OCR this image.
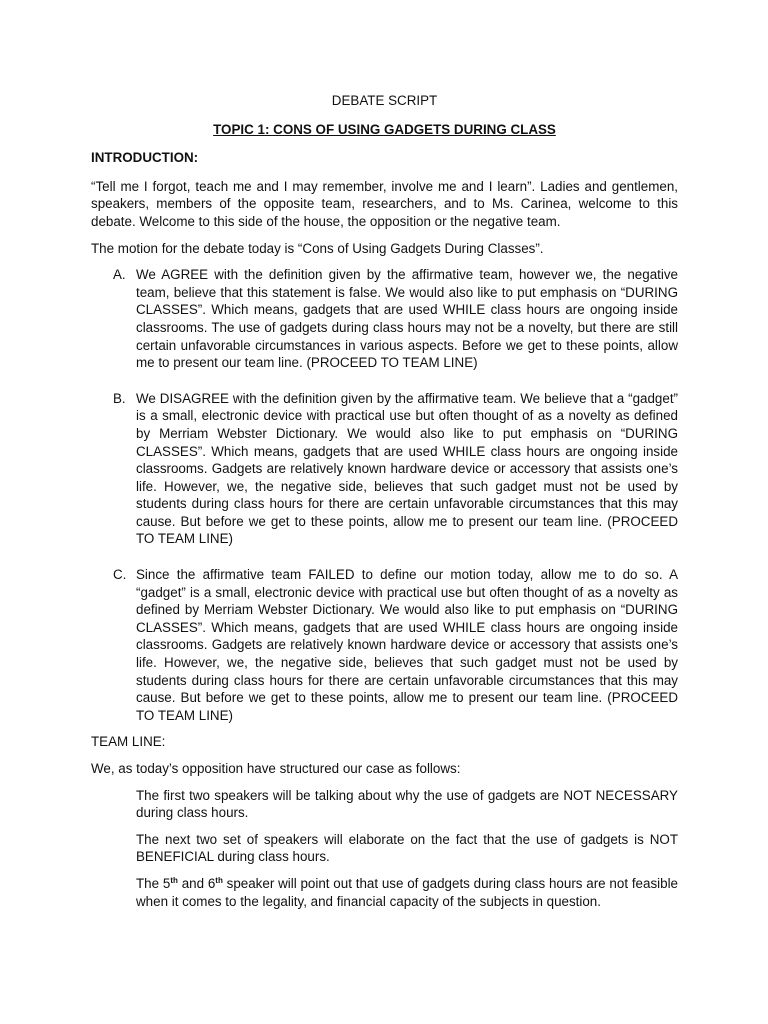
DEBATE SCRIPT

TOPIC 1: CONS OF USING GADGETS DURING CLASS

INTRODUCTION:

“Tell me I forgot, teach me and I may remember, involve me and I learn”. Ladies and gentlemen, speakers, members of the opposite team, researchers, and to Ms. Carinea, welcome to this debate. Welcome to this side of the house, the opposition or the negative team.

The motion for the debate today is “Cons of Using Gadgets During Classes”.

A. We AGREE with the definition given by the affirmative team, however we, the negative team, believe that this statement is false. We would also like to put emphasis on “DURING CLASSES”. Which means, gadgets that are used WHILE class hours are ongoing inside classrooms. The use of gadgets during class hours may not be a novelty, but there are still certain unfavorable circumstances in various aspects. Before we get to these points, allow me to present our team line. (PROCEED TO TEAM LINE)
B. We DISAGREE with the definition given by the affirmative team. We believe that a “gadget” is a small, electronic device with practical use but often thought of as a novelty as defined by Merriam Webster Dictionary. We would also like to put emphasis on “DURING CLASSES”. Which means, gadgets that are used WHILE class hours are ongoing inside classrooms. Gadgets are relatively known hardware device or accessory that assists one’s life. However, we, the negative side, believes that such gadget must not be used by students during class hours for there are certain unfavorable circumstances that this may cause. But before we get to these points, allow me to present our team line. (PROCEED TO TEAM LINE)
C. Since the affirmative team FAILED to define our motion today, allow me to do so. A “gadget” is a small, electronic device with practical use but often thought of as a novelty as defined by Merriam Webster Dictionary. We would also like to put emphasis on “DURING CLASSES”. Which means, gadgets that are used WHILE class hours are ongoing inside classrooms. Gadgets are relatively known hardware device or accessory that assists one’s life. However, we, the negative side, believes that such gadget must not be used by students during class hours for there are certain unfavorable circumstances that this may cause. But before we get to these points, allow me to present our team line. (PROCEED TO TEAM LINE)

TEAM LINE:

We, as today’s opposition have structured our case as follows:

The first two speakers will be talking about why the use of gadgets are NOT NECESSARY during class hours.

The next two set of speakers will elaborate on the fact that the use of gadgets is NOT BENEFICIAL during class hours.

The 5th and 6th speaker will point out that use of gadgets during class hours are not feasible when it comes to the legality, and financial capacity of the subjects in question.
